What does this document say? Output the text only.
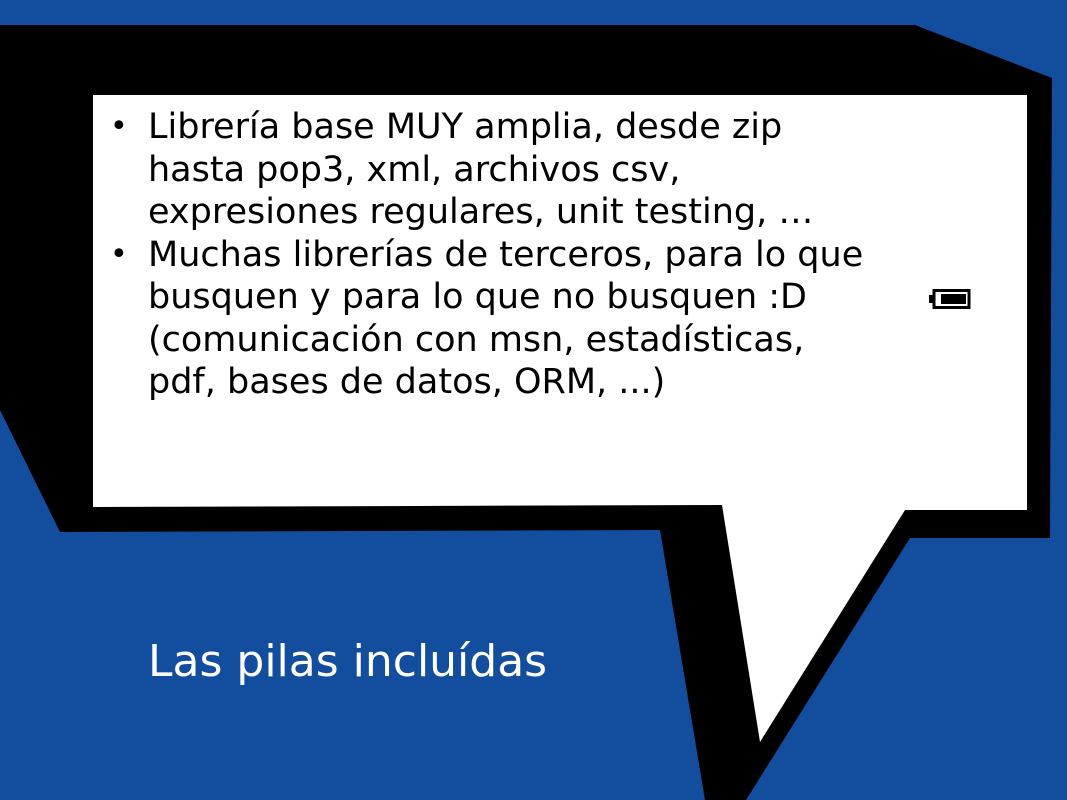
• Librería base MUY amplia, desde zip hasta pop3, xml, archivos csv, expresiones regulares, unit testing, …
• Muchas librerías de terceros, para lo que busquen y para lo que no busquen :D
(comunicación con msn, estadísticas, pdf, bases de datos, ORM, ...)
Las pilas incluídas
